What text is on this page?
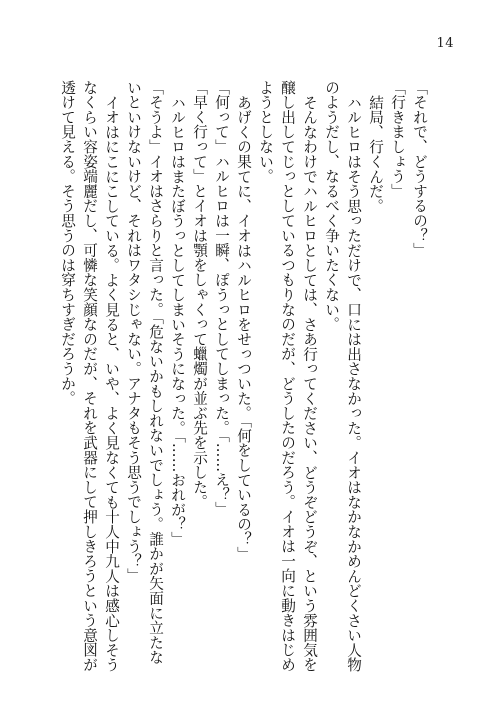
14
「それで、どうするの？」
「行きましょう」
結局、行くんだ。
ハルヒロはそう思っただけで、口には出さなかった。イオはなかなかめんどくさい人物
のようだし、なるべく争いたくない。
そんなわけでハルヒロとしては、さあ行ってください、どうぞどうぞ、という雰囲気を
醸し出してじっとしているつもりなのだが、どうしたのだろう。イオは一向に動きはじめ
ようとしない。
あげくの果てに、イオはハルヒロをせっついた。「何をしているの？」
「何って」ハルヒロは一瞬、ぽうっとしてしまった。「……え？」
「早く行って」とイオは顎をしゃくって蠟燭が並ぶ先を示した。
ハルヒロはまたぼうっとしてしまいそうになった。「……おれが？」
「そうよ」イオはさらりと言った。「危ないかもしれないでしょう。誰かが矢面に立たな
いといけないけど、それはワタシじゃない。アナタもそう思うでしょう？」
イオはにこにこしている。よく見ると、いや、よく見なくても十人中九人は感心しそう
なくらい容姿端麗だし、可憐な笑顔なのだが、それを武器にして押しきろうという意図が
透けて見える。そう思うのは穿ちすぎだろうか。
